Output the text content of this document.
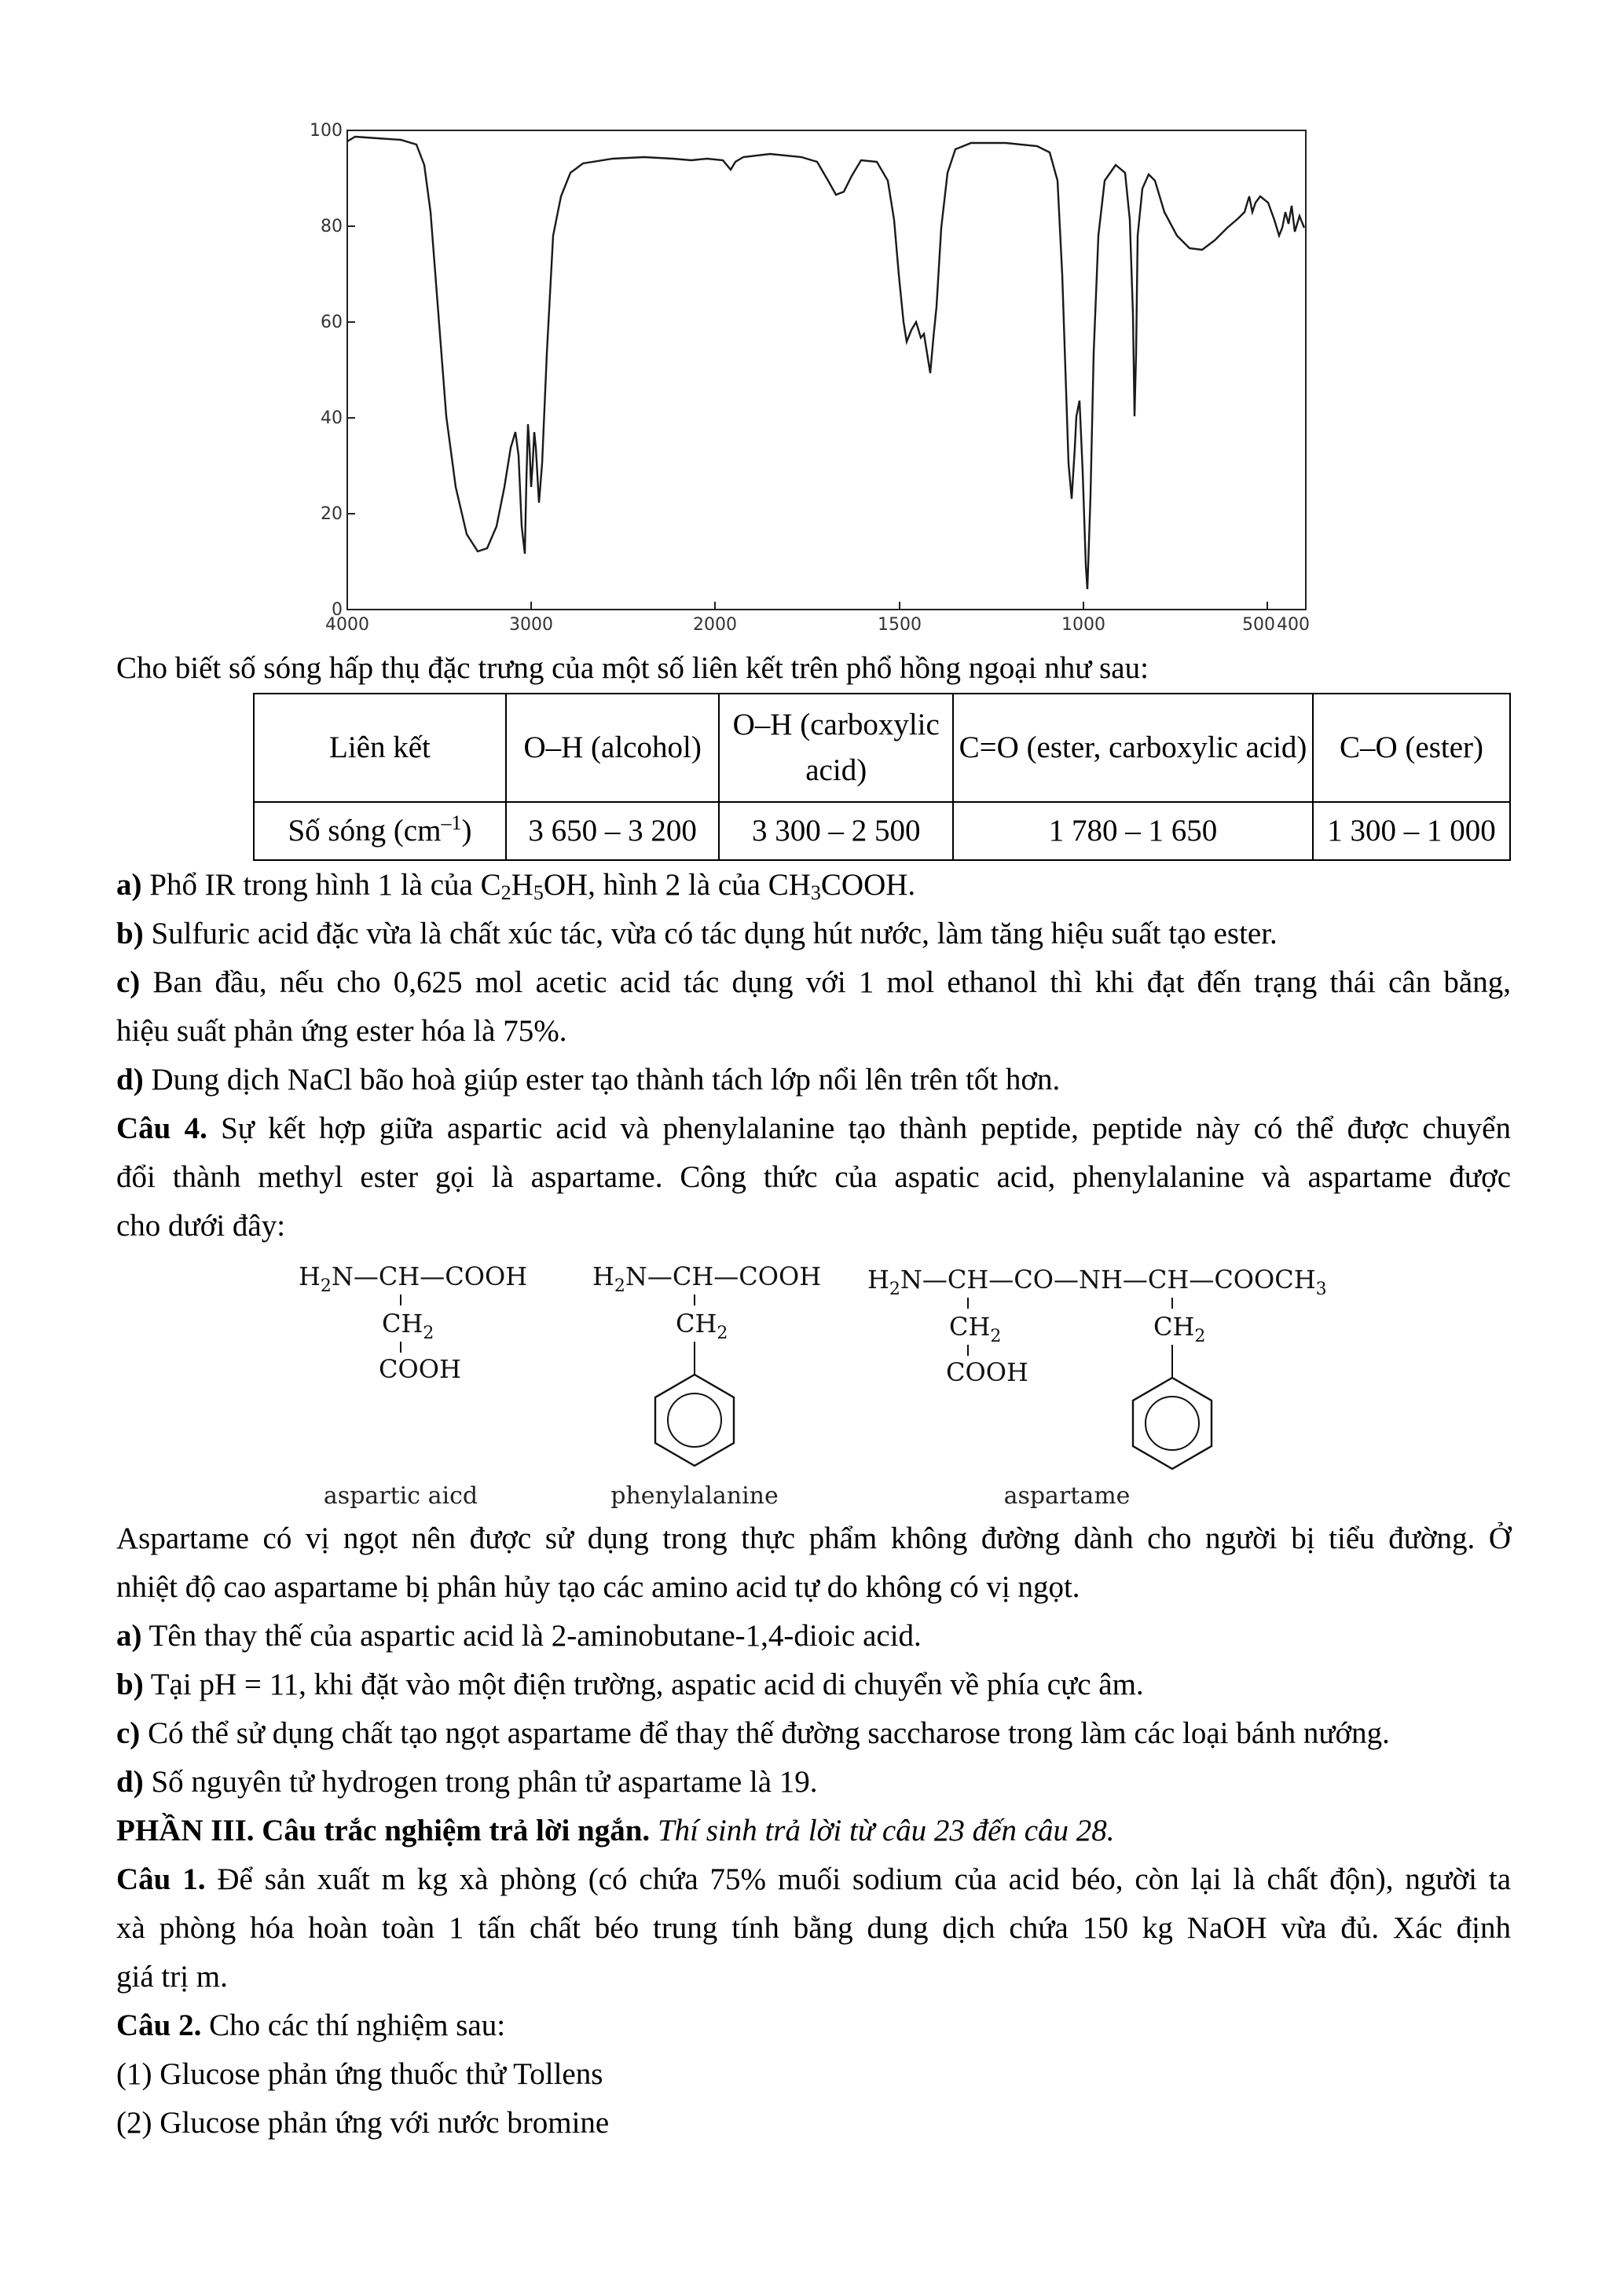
0
20
40
60
80
100
4000	3000	2000	1500	1000	500 400

Cho biết số sóng hấp thụ đặc trưng của một số liên kết trên phổ hồng ngoại như sau:

Liên kết	O–H (alcohol)	O–H (carboxylic acid)	C=O (ester, carboxylic acid)	C–O (ester)
Số sóng $(cm^{-1})$	3 650 – 3 200	3 300 – 2 500	1 780 – 1 650	1 300 – 1 000

a) Phổ IR trong hình 1 là của $C_2H_5OH$, hình 2 là của $CH_3COOH$.

b) Sulfuric acid đặc vừa là chất xúc tác, vừa có tác dụng hút nước, làm tăng hiệu suất tạo ester.

c) Ban đầu, nếu cho 0,625 mol acetic acid tác dụng với 1 mol ethanol thì khi đạt đến trạng thái cân bằng,

hiệu suất phản ứng ester hóa là 75%.

d) Dung dịch NaCl bão hoà giúp ester tạo thành tách lớp nổi lên trên tốt hơn.

Câu 4. Sự kết hợp giữa aspartic acid và phenylalanine tạo thành peptide, peptide này có thể được chuyển

đổi thành methyl ester gọi là aspartame. Công thức của aspatic acid, phenylalanine và aspartame được

cho dưới đây:

$H_2N—CH—COOH$
$CH_2$
COOH
$H_2N—CH—COOH$
$CH_2$
$H_2N—CH—CO—NH—CH—COOCH_3$
$CH_2$
COOH
$CH_2$
aspartic aicd	phenylalanine	aspartame

Aspartame có vị ngọt nên được sử dụng trong thực phẩm không đường dành cho người bị tiểu đường. Ở

nhiệt độ cao aspartame bị phân hủy tạo các amino acid tự do không có vị ngọt.

a) Tên thay thế của aspartic acid là 2-aminobutane-1,4-dioic acid.

b) Tại pH = 11, khi đặt vào một điện trường, aspatic acid di chuyển về phía cực âm.

c) Có thể sử dụng chất tạo ngọt aspartame để thay thế đường saccharose trong làm các loại bánh nướng.

d) Số nguyên tử hydrogen trong phân tử aspartame là 19.

PHẦN III. Câu trắc nghiệm trả lời ngắn. Thí sinh trả lời từ câu 23 đến câu 28.

Câu 1. Để sản xuất m kg xà phòng (có chứa 75% muối sodium của acid béo, còn lại là chất độn), người ta

xà phòng hóa hoàn toàn 1 tấn chất béo trung tính bằng dung dịch chứa 150 kg NaOH vừa đủ. Xác định

giá trị m.

Câu 2. Cho các thí nghiệm sau:

(1) Glucose phản ứng thuốc thử Tollens

(2) Glucose phản ứng với nước bromine
